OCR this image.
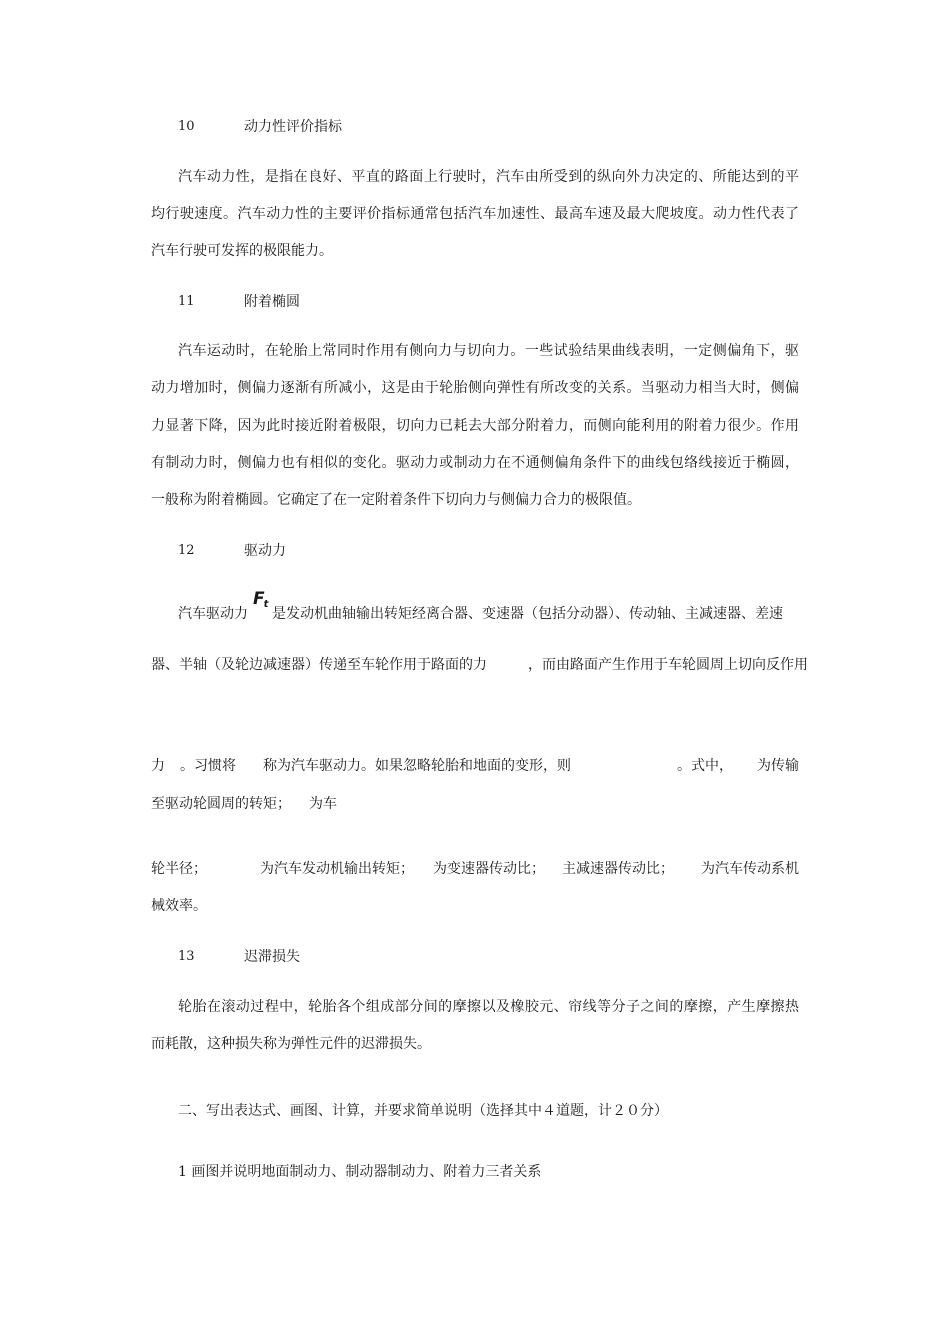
10	动力性评价指标
汽车动力性，是指在良好、平直的路面上行驶时，汽车由所受到的纵向外力决定的、所能达到的平
均行驶速度。汽车动力性的主要评价指标通常包括汽车加速性、最高车速及最大爬坡度。动力性代表了
汽车行驶可发挥的极限能力。
11	附着椭圆
汽车运动时，在轮胎上常同时作用有侧向力与切向力。一些试验结果曲线表明，一定侧偏角下，驱
动力增加时，侧偏力逐渐有所减小，这是由于轮胎侧向弹性有所改变的关系。当驱动力相当大时，侧偏
力显著下降，因为此时接近附着极限，切向力已耗去大部分附着力，而侧向能利用的附着力很少。作用
有制动力时，侧偏力也有相似的变化。驱动力或制动力在不通侧偏角条件下的曲线包络线接近于椭圆，
一般称为附着椭圆。它确定了在一定附着条件下切向力与侧偏力合力的极限值。
12	驱动力
汽车驱动力
Ft
是发动机曲轴输出转矩经离合器、变速器（包括分动器）、传动轴、主减速器、差速
器、半轴（及轮边减速器）传递至车轮作用于路面的力	，而由路面产生作用于车轮圆周上切向反作用
力 。习惯将 称为汽车驱动力。如果忽略轮胎和地面的变形，则	。式中， 为传输
至驱动轮圆周的转矩； 为车
轮半径；	为汽车发动机输出转矩； 为变速器传动比； 主减速器传动比； 为汽车传动系机
械效率。
13	迟滞损失
轮胎在滚动过程中，轮胎各个组成部分间的摩擦以及橡胶元、帘线等分子之间的摩擦，产生摩擦热
而耗散，这种损失称为弹性元件的迟滞损失。
二、写出表达式、画图、计算，并要求简单说明（选择其中４道题，计２０分）
1 画图并说明地面制动力、制动器制动力、附着力三者关系
